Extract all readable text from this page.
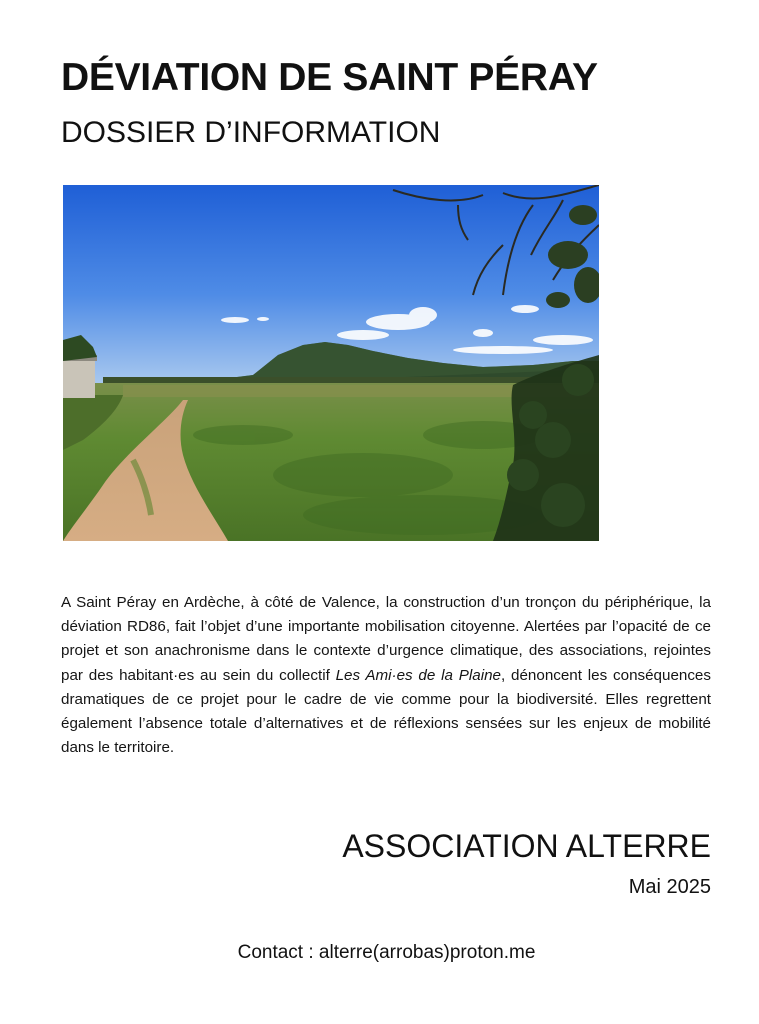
DÉVIATION DE SAINT PÉRAY
DOSSIER D’INFORMATION

A Saint Péray en Ardèche, à côté de Valence, la construction d’un tronçon du périphérique, la déviation RD86, fait l’objet d’une importante mobilisation citoyenne. Alertées par l’opacité de ce projet et son anachronisme dans le contexte d’urgence climatique, des associations, rejointes par des habitant·es au sein du collectif Les Ami·es de la Plaine, dénoncent les conséquences dramatiques de ce projet pour le cadre de vie comme pour la biodiversité. Elles regrettent également l’absence totale d’alternatives et de réflexions sensées sur les enjeux de mobilité dans le territoire.

ASSOCIATION ALTERRE

Mai 2025

Contact : alterre(arrobas)proton.me
